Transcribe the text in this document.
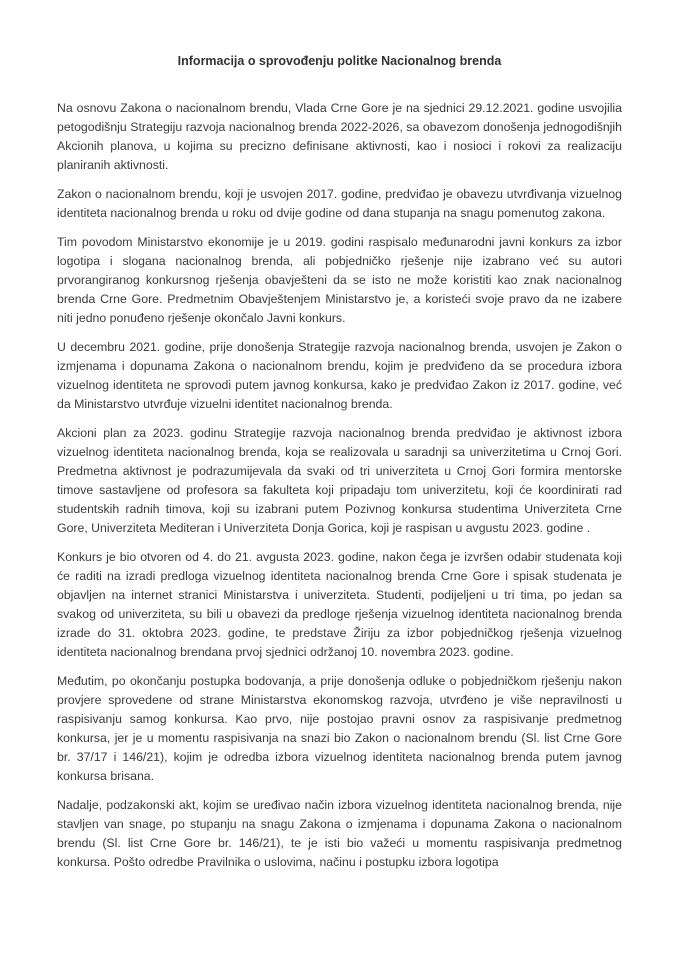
Informacija o sprovođenju politke Nacionalnog brenda

Na osnovu Zakona o nacionalnom brendu, Vlada Crne Gore je na sjednici 29.12.2021. godine usvojilia petogodišnju Strategiju razvoja nacionalnog brenda 2022-2026, sa obavezom donošenja jednogodišnjih Akcionih planova, u kojima su precizno definisane aktivnosti, kao i nosioci i rokovi za realizaciju planiranih aktivnosti.

Zakon o nacionalnom brendu, koji je usvojen 2017. godine, predviđao je obavezu utvrđivanja vizuelnog identiteta nacionalnog brenda u roku od dvije godine od dana stupanja na snagu pomenutog zakona.

Tim povodom Ministarstvo ekonomije je u 2019. godini raspisalo međunarodni javni konkurs za izbor logotipa i slogana nacionalnog brenda, ali pobjedničko rješenje nije izabrano već su autori prvorangiranog konkursnog rješenja obavješteni da se isto ne može koristiti kao znak nacionalnog brenda Crne Gore. Predmetnim Obavještenjem Ministarstvo je, a koristeći svoje pravo da ne izabere niti jedno ponuđeno rješenje okončalo Javni konkurs.

U decembru 2021. godine, prije donošenja Strategije razvoja nacionalnog brenda, usvojen je Zakon o izmjenama i dopunama Zakona o nacionalnom brendu, kojim je predviđeno da se procedura izbora vizuelnog identiteta ne sprovodi putem javnog konkursa, kako je predviđao Zakon iz 2017. godine, već da Ministarstvo utvrđuje vizuelni identitet nacionalnog brenda.

Akcioni plan za 2023. godinu Strategije razvoja nacionalnog brenda predviđao je aktivnost izbora vizuelnog identiteta nacionalnog brenda, koja se realizovala u saradnji sa univerzitetima u Crnoj Gori. Predmetna aktivnost je podrazumijevala da svaki od tri univerziteta u Crnoj Gori formira mentorske timove sastavljene od profesora sa fakulteta koji pripadaju tom univerzitetu, koji će koordinirati rad studentskih radnih timova, koji su izabrani putem Pozivnog konkursa studentima Univerziteta Crne Gore, Univerziteta Mediteran i Univerziteta Donja Gorica, koji je raspisan u avgustu 2023. godine .

Konkurs je bio otvoren od 4. do 21. avgusta 2023. godine, nakon čega je izvršen odabir studenata koji će raditi na izradi predloga vizuelnog identiteta nacionalnog brenda Crne Gore i spisak studenata je objavljen na internet stranici Ministarstva i univerziteta. Studenti, podijeljeni u tri tima, po jedan sa svakog od univerziteta, su bili u obavezi da predloge rješenja vizuelnog identiteta nacionalnog brenda izrade do 31. oktobra 2023. godine, te predstave Žiriju za izbor pobjedničkog rješenja vizuelnog identiteta nacionalnog brendana prvoj sjednici održanoj 10. novembra 2023. godine.

Međutim, po okončanju postupka bodovanja, a prije donošenja odluke o pobjedničkom rješenju nakon provjere sprovedene od strane Ministarstva ekonomskog razvoja, utvrđeno je više nepravilnosti u raspisivanju samog konkursa. Kao prvo, nije postojao pravni osnov za raspisivanje predmetnog konkursa, jer je u momentu raspisivanja na snazi bio Zakon o nacionalnom brendu (Sl. list Crne Gore br. 37/17 i 146/21), kojim je odredba izbora vizuelnog identiteta nacionalnog brenda putem javnog konkursa brisana.

Nadalje, podzakonski akt, kojim se uređivao način izbora vizuelnog identiteta nacionalnog brenda, nije stavljen van snage, po stupanju na snagu Zakona o izmjenama i dopunama Zakona o nacionalnom brendu (Sl. list Crne Gore br. 146/21), te je isti bio važeći u momentu raspisivanja predmetnog konkursa. Pošto odredbe Pravilnika o uslovima, načinu i postupku izbora logotipa
